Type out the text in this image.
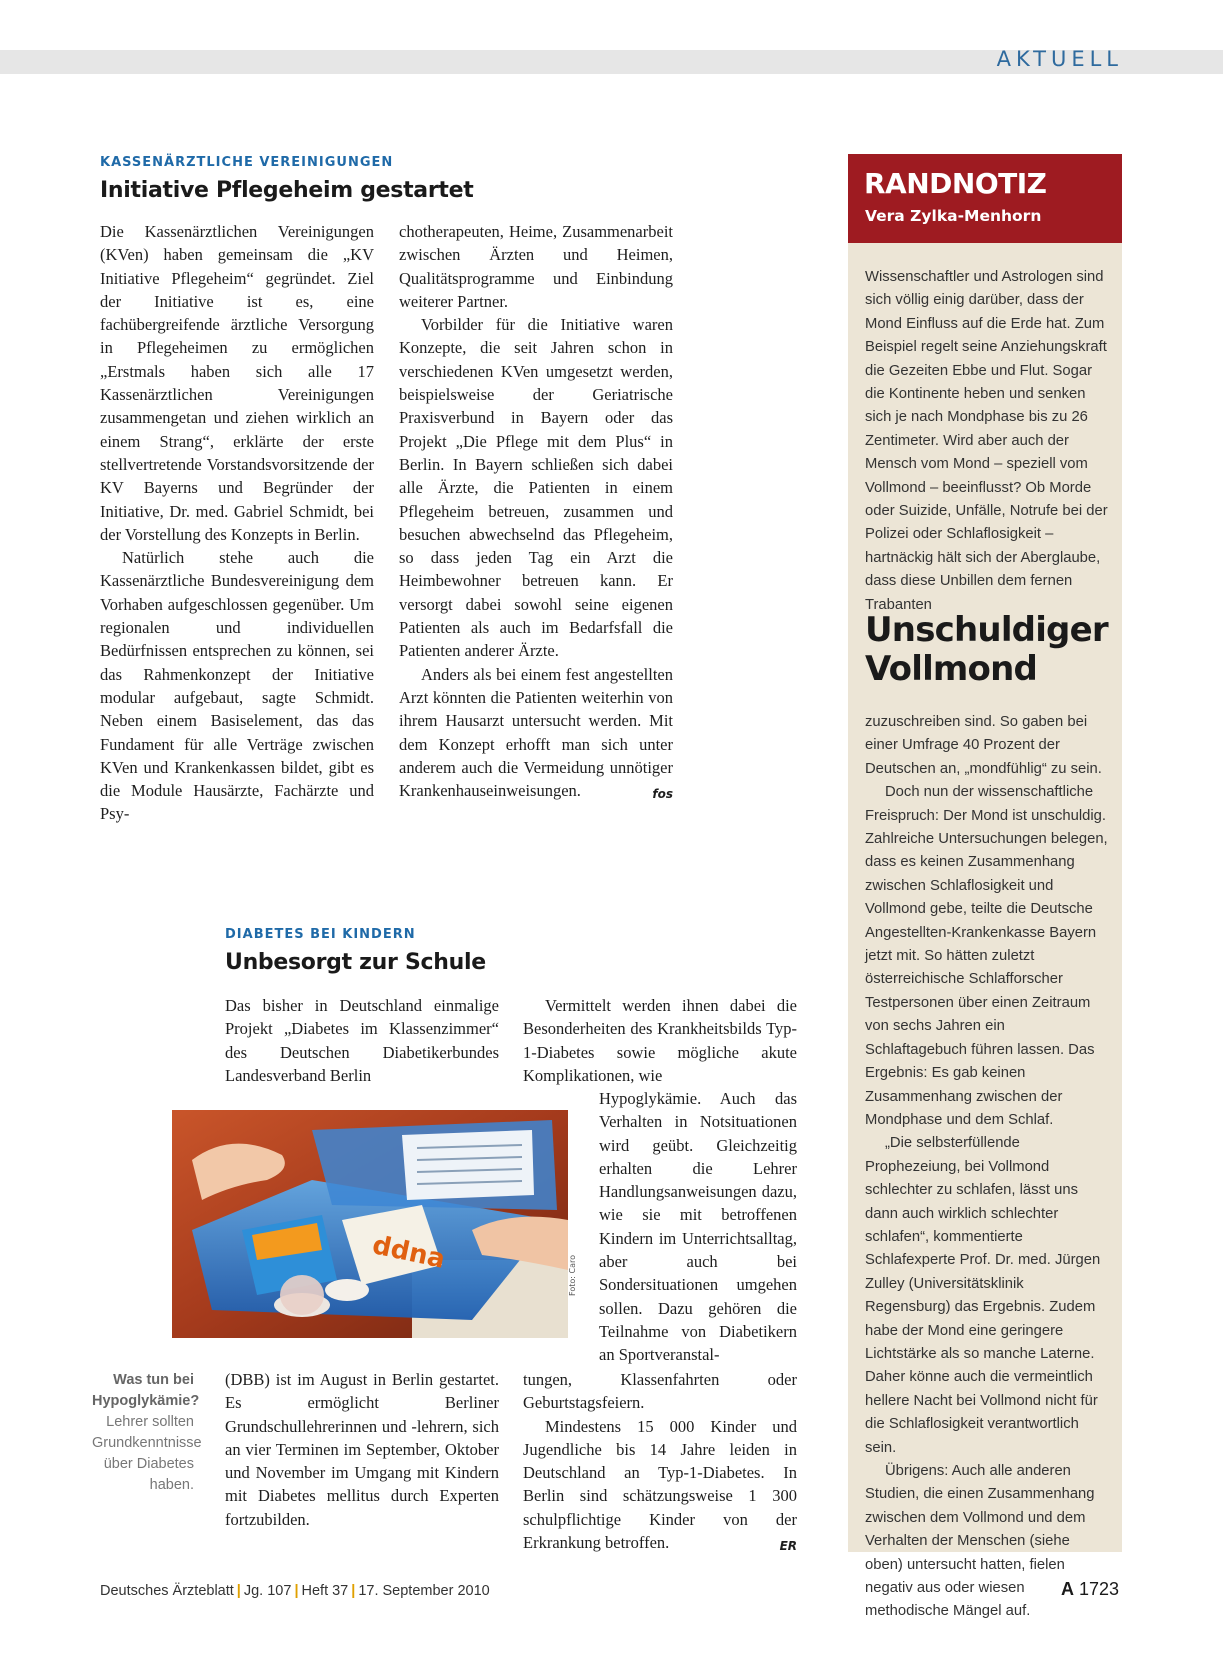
AKTUELL
KASSENÄRZTLICHE VEREINIGUNGEN
Initiative Pflegeheim gestartet

Die Kassenärztlichen Vereinigungen (KVen) haben gemeinsam die „KV Initiative Pflegeheim“ gegründet. Ziel der Initiative ist es, eine fachübergreifende ärztliche Versorgung in Pflegeheimen zu ermöglichen „Erstmals haben sich alle 17 Kassenärztlichen Vereinigungen zusammengetan und ziehen wirklich an einem Strang“, erklärte der erste stellvertretende Vorstandsvorsitzende der KV Bayerns und Begründer der Initiative, Dr. med. Gabriel Schmidt, bei der Vorstellung des Konzepts in Berlin.

Natürlich stehe auch die Kassenärztliche Bundesvereinigung dem Vorhaben aufgeschlossen gegenüber. Um regionalen und individuellen Bedürfnissen entsprechen zu können, sei das Rahmenkonzept der Initiative modular aufgebaut, sagte Schmidt. Neben einem Basiselement, das das Fundament für alle Verträge zwischen KVen und Krankenkassen bildet, gibt es die Module Hausärzte, Fachärzte und Psy-

chotherapeuten, Heime, Zusammenarbeit zwischen Ärzten und Heimen, Qualitätsprogramme und Einbindung weiterer Partner.

Vorbilder für die Initiative waren Konzepte, die seit Jahren schon in verschiedenen KVen umgesetzt werden, beispielsweise der Geriatrische Praxisverbund in Bayern oder das Projekt „Die Pflege mit dem Plus“ in Berlin. In Bayern schließen sich dabei alle Ärzte, die Patienten in einem Pflegeheim betreuen, zusammen und besuchen abwechselnd das Pflegeheim, so dass jeden Tag ein Arzt die Heimbewohner betreuen kann. Er versorgt dabei sowohl seine eigenen Patienten als auch im Bedarfsfall die Patienten anderer Ärzte.

Anders als bei einem fest angestellten Arzt könnten die Patienten weiterhin von ihrem Hausarzt untersucht werden. Mit dem Konzept erhofft man sich unter anderem auch die Vermeidung unnötiger Krankenhauseinweisungen.	fos

DIABETES BEI KINDERN
Unbesorgt zur Schule

Das bisher in Deutschland einmalige Projekt „Diabetes im Klassenzimmer“ des Deutschen Diabetikerbundes Landesverband Berlin

Vermittelt werden ihnen dabei die Besonderheiten des Krankheitsbilds Typ-1-Diabetes sowie mögliche akute Komplikationen, wie

Hypoglykämie. Auch das Verhalten in Notsituationen wird geübt. Gleichzeitig erhalten die Lehrer Handlungsanweisungen dazu, wie sie mit betroffenen Kindern im Unterrichtsalltag, aber auch bei Sondersituationen umgehen sollen. Dazu gehören die Teilnahme von Diabetikern an Sportveranstal-

ddna
Foto: Caro
Was tun bei Hypoglykämie? Lehrer sollten Grundkenntnisse über Diabetes haben.

(DBB) ist im August in Berlin gestartet. Es ermöglicht Berliner Grundschullehrerinnen und -lehrern, sich an vier Terminen im September, Oktober und November im Umgang mit Kindern mit Diabetes mellitus durch Experten fortzubilden.

tungen, Klassenfahrten oder Geburtstagsfeiern.

Mindestens 15 000 Kinder und Jugendliche bis 14 Jahre leiden in Deutschland an Typ-1-Diabetes. In Berlin sind schätzungsweise 1 300 schulpflichtige Kinder von der Erkrankung betroffen.	ER

RANDNOTIZ
Vera Zylka-Menhorn

Wissenschaftler und Astrologen sind sich völlig einig darüber, dass der Mond Einfluss auf die Erde hat. Zum Beispiel regelt seine Anziehungskraft die Gezeiten Ebbe und Flut. Sogar die Kontinente heben und senken sich je nach Mondphase bis zu 26 Zentimeter. Wird aber auch der Mensch vom Mond – speziell vom Vollmond – beeinflusst? Ob Morde oder Suizide, Unfälle, Notrufe bei der Polizei oder Schlaflosigkeit – hartnäckig hält sich der Aberglaube, dass diese Unbillen dem fernen Trabanten

Unschuldiger Vollmond

zuzuschreiben sind. So gaben bei einer Umfrage 40 Prozent der Deutschen an, „mondfühlig“ zu sein.

Doch nun der wissenschaftliche Freispruch: Der Mond ist unschuldig. Zahlreiche Untersuchungen belegen, dass es keinen Zusammenhang zwischen Schlaflosigkeit und Vollmond gebe, teilte die Deutsche Angestellten-Krankenkasse Bayern jetzt mit. So hätten zuletzt österreichische Schlafforscher Testpersonen über einen Zeitraum von sechs Jahren ein Schlaftagebuch führen lassen. Das Ergebnis: Es gab keinen Zusammenhang zwischen der Mondphase und dem Schlaf.

„Die selbsterfüllende Prophezeiung, bei Vollmond schlechter zu schlafen, lässt uns dann auch wirklich schlechter schlafen“, kommentierte Schlafexperte Prof. Dr. med. Jürgen Zulley (Universitätsklinik Regensburg) das Ergebnis. Zudem habe der Mond eine geringere Lichtstärke als so manche Laterne. Daher könne auch die vermeintlich hellere Nacht bei Vollmond nicht für die Schlaflosigkeit verantwortlich sein.

Übrigens: Auch alle anderen Studien, die einen Zusammenhang zwischen dem Vollmond und dem Verhalten der Menschen (siehe oben) untersucht hatten, fielen negativ aus oder wiesen methodische Mängel auf.

Deutsches Ärzteblatt | Jg. 107 | Heft 37 | 17. September 2010	A 1723
